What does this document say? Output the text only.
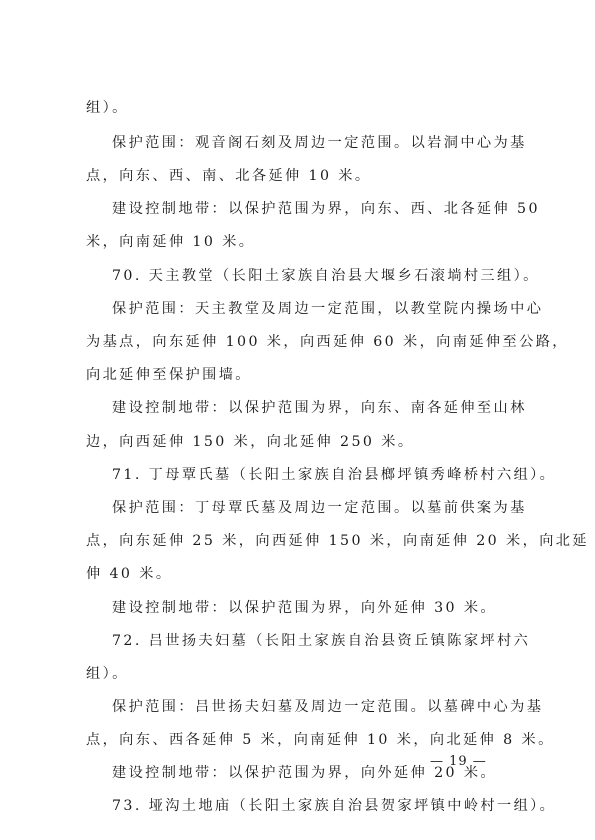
组）。
保护范围：观音阁石刻及周边一定范围。以岩洞中心为基
点，向东、西、南、北各延伸 10 米。
建设控制地带：以保护范围为界，向东、西、北各延伸 50
米，向南延伸 10 米。
70. 天主教堂（长阳土家族自治县大堰乡石滚埫村三组）。
保护范围：天主教堂及周边一定范围，以教堂院内操场中心
为基点，向东延伸 100 米，向西延伸 60 米，向南延伸至公路，
向北延伸至保护围墙。
建设控制地带：以保护范围为界，向东、南各延伸至山林
边，向西延伸 150 米，向北延伸 250 米。
71. 丁母覃氏墓（长阳土家族自治县榔坪镇秀峰桥村六组）。
保护范围：丁母覃氏墓及周边一定范围。以墓前供案为基
点，向东延伸 25 米，向西延伸 150 米，向南延伸 20 米，向北延
伸 40 米。
建设控制地带：以保护范围为界，向外延伸 30 米。
72. 吕世扬夫妇墓（长阳土家族自治县资丘镇陈家坪村六
组）。
保护范围：吕世扬夫妇墓及周边一定范围。以墓碑中心为基
点，向东、西各延伸 5 米，向南延伸 10 米，向北延伸 8 米。
建设控制地带：以保护范围为界，向外延伸 20 米。
73. 垭沟土地庙（长阳土家族自治县贺家坪镇中岭村一组）。
— 19 —
